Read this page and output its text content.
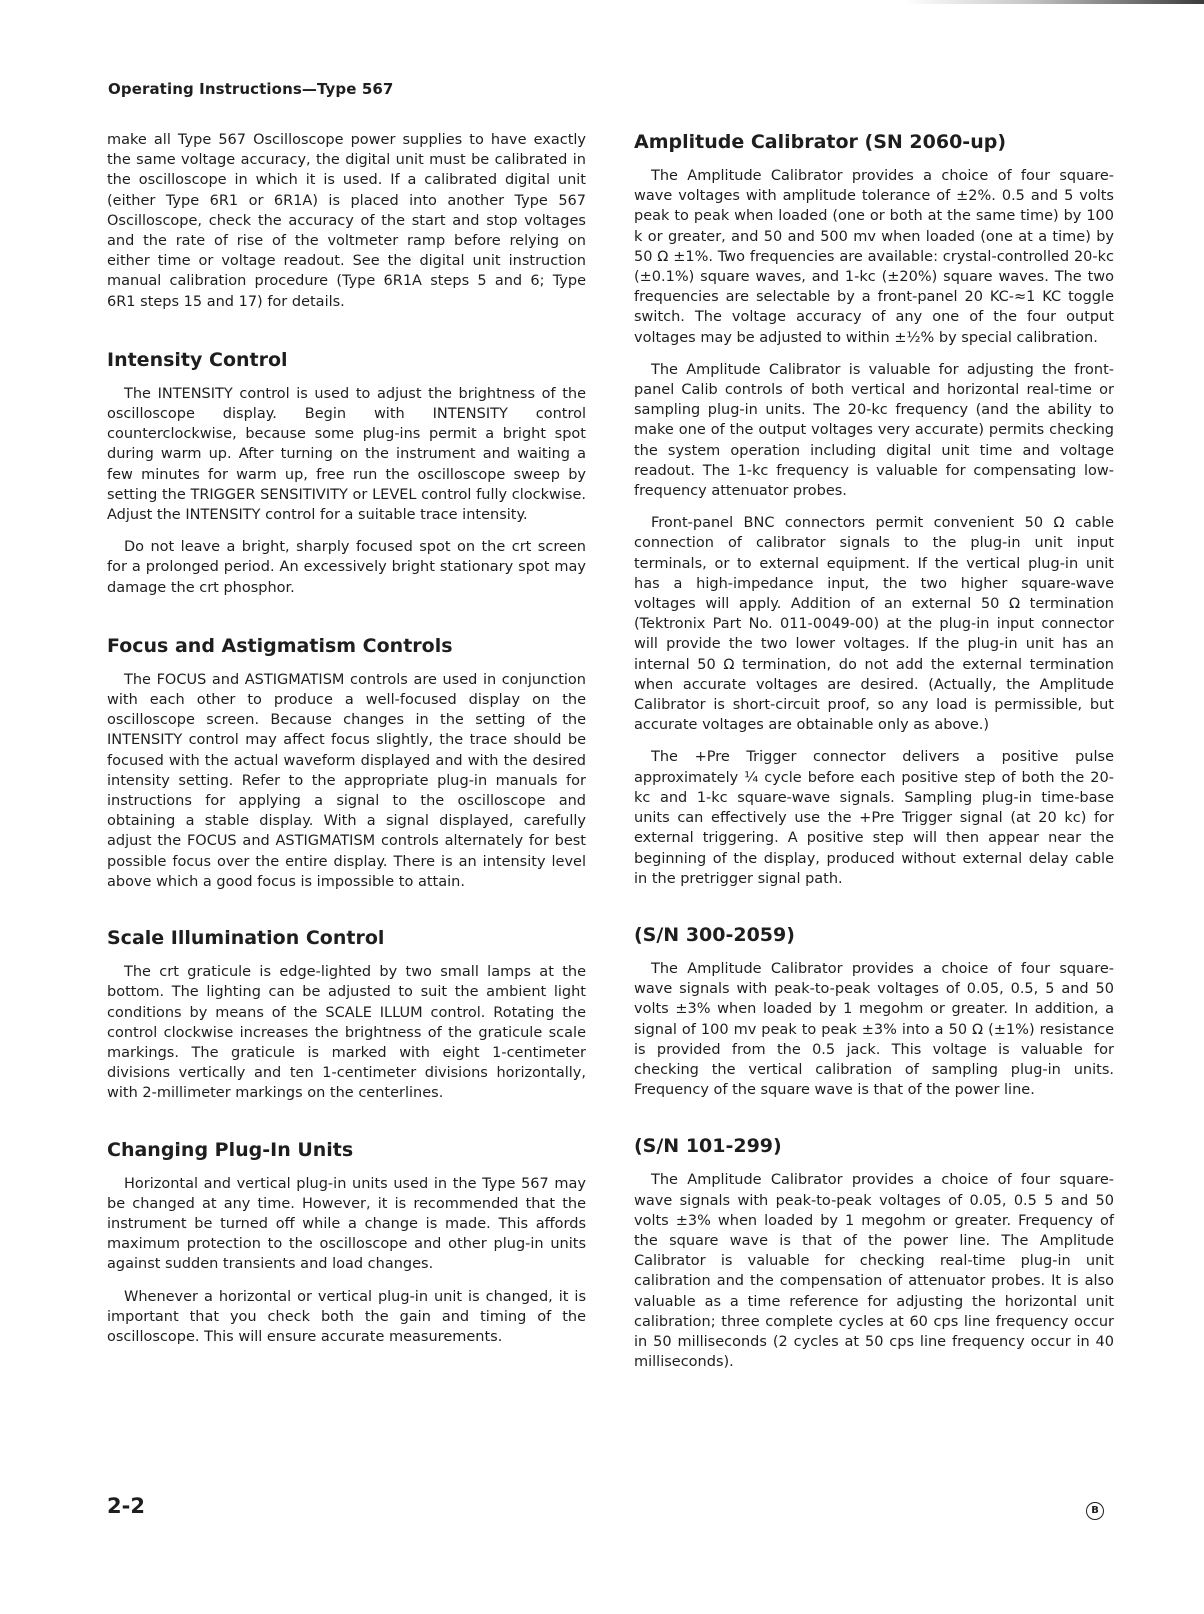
Operating Instructions—Type 567

make all Type 567 Oscilloscope power supplies to have exactly the same voltage accuracy, the digital unit must be calibrated in the oscilloscope in which it is used. If a calibrated digital unit (either Type 6R1 or 6R1A) is placed into another Type 567 Oscilloscope, check the accuracy of the start and stop voltages and the rate of rise of the voltmeter ramp before relying on either time or voltage readout. See the digital unit instruction manual calibration procedure (Type 6R1A steps 5 and 6; Type 6R1 steps 15 and 17) for details.

Intensity Control

The INTENSITY control is used to adjust the brightness of the oscilloscope display. Begin with INTENSITY control counterclockwise, because some plug-ins permit a bright spot during warm up. After turning on the instrument and waiting a few minutes for warm up, free run the oscilloscope sweep by setting the TRIGGER SENSITIVITY or LEVEL control fully clockwise. Adjust the INTENSITY control for a suitable trace intensity.

Do not leave a bright, sharply focused spot on the crt screen for a prolonged period. An excessively bright stationary spot may damage the crt phosphor.

Focus and Astigmatism Controls

The FOCUS and ASTIGMATISM controls are used in conjunction with each other to produce a well-focused display on the oscilloscope screen. Because changes in the setting of the INTENSITY control may affect focus slightly, the trace should be focused with the actual waveform displayed and with the desired intensity setting. Refer to the appropriate plug-in manuals for instructions for applying a signal to the oscilloscope and obtaining a stable display. With a signal displayed, carefully adjust the FOCUS and ASTIGMATISM controls alternately for best possible focus over the entire display. There is an intensity level above which a good focus is impossible to attain.

Scale Illumination Control

The crt graticule is edge-lighted by two small lamps at the bottom. The lighting can be adjusted to suit the ambient light conditions by means of the SCALE ILLUM control. Rotating the control clockwise increases the brightness of the graticule scale markings. The graticule is marked with eight 1-centimeter divisions vertically and ten 1-centimeter divisions horizontally, with 2-millimeter markings on the centerlines.

Changing Plug-In Units

Horizontal and vertical plug-in units used in the Type 567 may be changed at any time. However, it is recommended that the instrument be turned off while a change is made. This affords maximum protection to the oscilloscope and other plug-in units against sudden transients and load changes.

Whenever a horizontal or vertical plug-in unit is changed, it is important that you check both the gain and timing of the oscilloscope. This will ensure accurate measurements.

Amplitude Calibrator (SN 2060-up)

The Amplitude Calibrator provides a choice of four square-wave voltages with amplitude tolerance of ±2%. 0.5 and 5 volts peak to peak when loaded (one or both at the same time) by 100 k or greater, and 50 and 500 mv when loaded (one at a time) by 50 Ω ±1%. Two frequencies are available: crystal-controlled 20-kc (±0.1%) square waves, and 1-kc (±20%) square waves. The two frequencies are selectable by a front-panel 20 KC-≈1 KC toggle switch. The voltage accuracy of any one of the four output voltages may be adjusted to within ±½% by special calibration.

The Amplitude Calibrator is valuable for adjusting the front-panel Calib controls of both vertical and horizontal real-time or sampling plug-in units. The 20-kc frequency (and the ability to make one of the output voltages very accurate) permits checking the system operation including digital unit time and voltage readout. The 1-kc frequency is valuable for compensating low-frequency attenuator probes.

Front-panel BNC connectors permit convenient 50 Ω cable connection of calibrator signals to the plug-in unit input terminals, or to external equipment. If the vertical plug-in unit has a high-impedance input, the two higher square-wave voltages will apply. Addition of an external 50 Ω termination (Tektronix Part No. 011-0049-00) at the plug-in input connector will provide the two lower voltages. If the plug-in unit has an internal 50 Ω termination, do not add the external termination when accurate voltages are desired. (Actually, the Amplitude Calibrator is short-circuit proof, so any load is permissible, but accurate voltages are obtainable only as above.)

The +Pre Trigger connector delivers a positive pulse approximately ¼ cycle before each positive step of both the 20-kc and 1-kc square-wave signals. Sampling plug-in time-base units can effectively use the +Pre Trigger signal (at 20 kc) for external triggering. A positive step will then appear near the beginning of the display, produced without external delay cable in the pretrigger signal path.

(S/N 300-2059)

The Amplitude Calibrator provides a choice of four square-wave signals with peak-to-peak voltages of 0.05, 0.5, 5 and 50 volts ±3% when loaded by 1 megohm or greater. In addition, a signal of 100 mv peak to peak ±3% into a 50 Ω (±1%) resistance is provided from the 0.5 jack. This voltage is valuable for checking the vertical calibration of sampling plug-in units. Frequency of the square wave is that of the power line.

(S/N 101-299)

The Amplitude Calibrator provides a choice of four square-wave signals with peak-to-peak voltages of 0.05, 0.5 5 and 50 volts ±3% when loaded by 1 megohm or greater. Frequency of the square wave is that of the power line. The Amplitude Calibrator is valuable for checking real-time plug-in unit calibration and the compensation of attenuator probes. It is also valuable as a time reference for adjusting the horizontal unit calibration; three complete cycles at 60 cps line frequency occur in 50 milliseconds (2 cycles at 50 cps line frequency occur in 40 milliseconds).

2-2	B
